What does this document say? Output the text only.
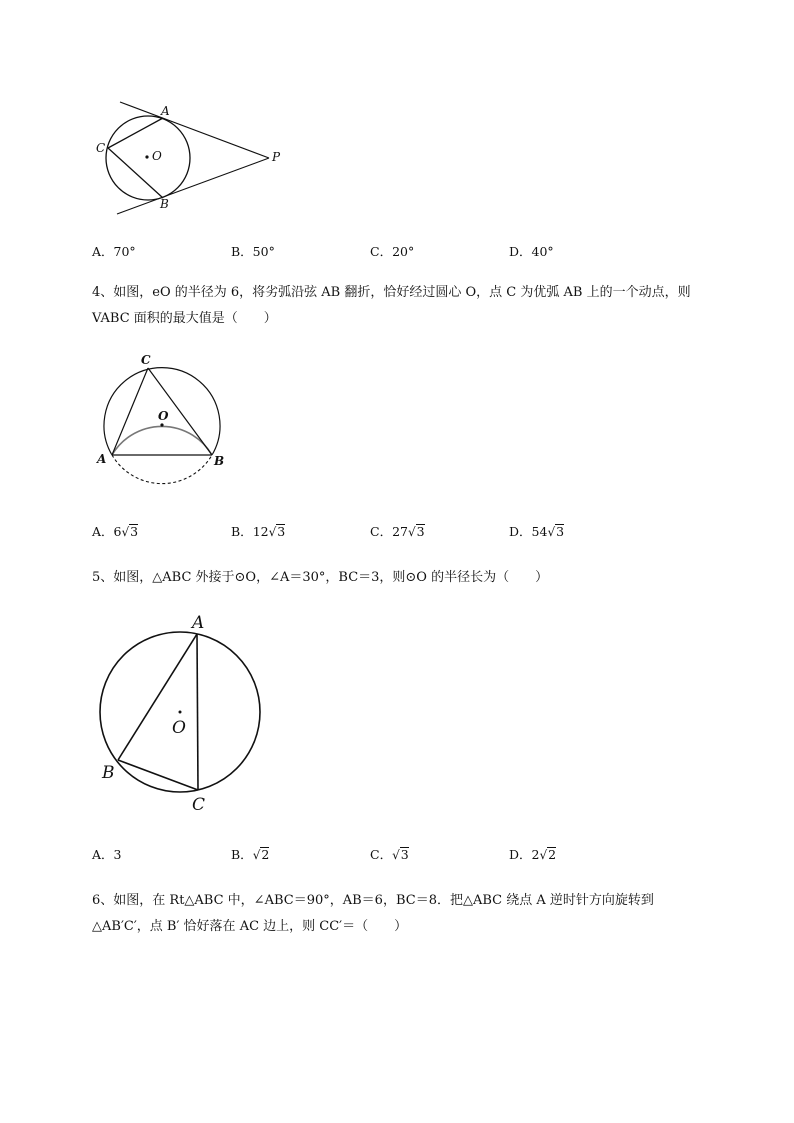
A
C
O	P
B
A．70°	B．50°	C．20°	D．40°
4、如图，eO 的半径为 6，将劣弧沿弦 AB 翻折，恰好经过圆心 O，点 C 为优弧 AB 上的一个动点，则
VABC 面积的最大值是（　　）
C
O
A	B
A．6√3	B．12√3	C．27√3	D．54√3
5、如图，△ABC 外接于⊙O，∠A＝30°，BC＝3，则⊙O 的半径长为（　　）
A
O
B
C
A．3	B．√2	C．√3	D．2√2
6、如图，在 Rt△ABC 中，∠ABC＝90°，AB＝6，BC＝8．把△ABC 绕点 A 逆时针方向旋转到
△AB′C′，点 B′ 恰好落在 AC 边上，则 CC′＝（　　）
